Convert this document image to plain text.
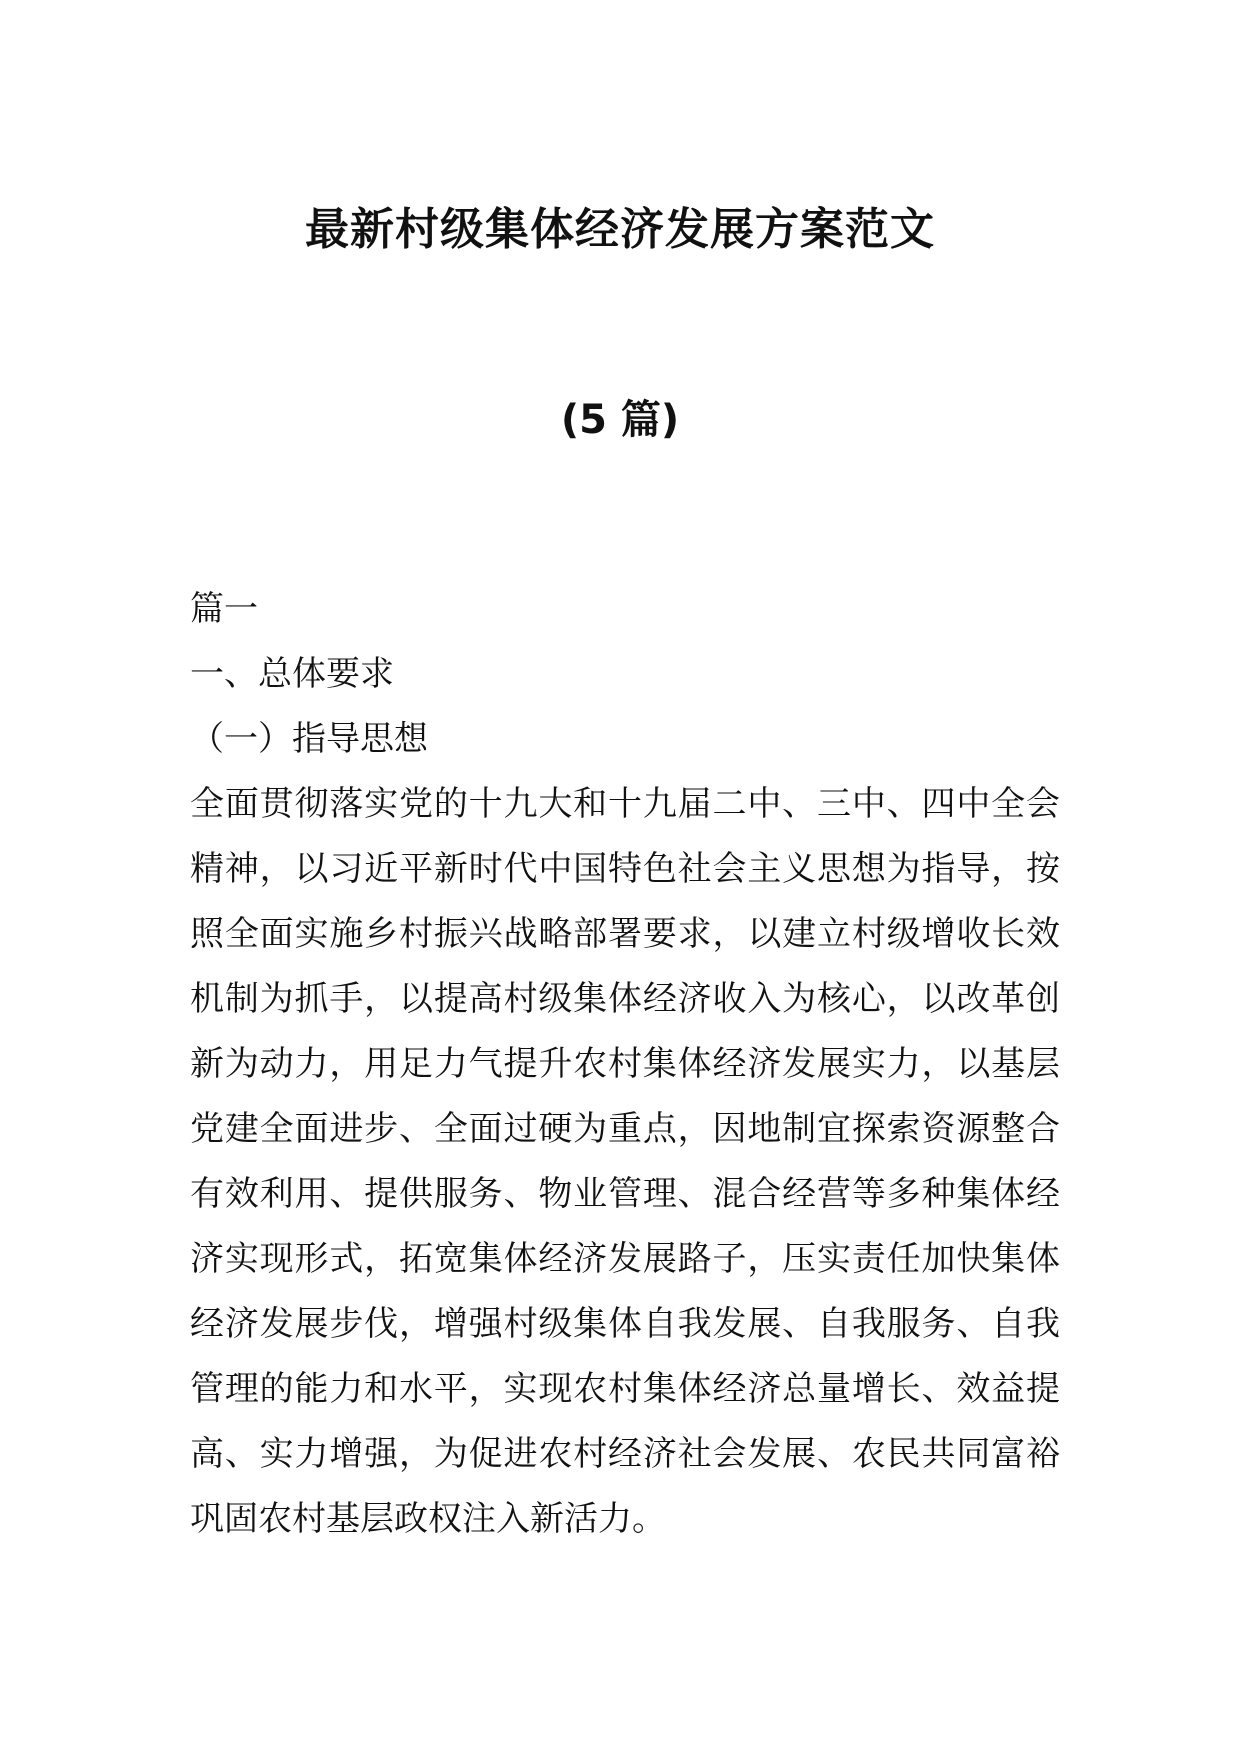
最新村级集体经济发展方案范文
(5 篇)
篇一
一、总体要求
（一）指导思想

全面贯彻落实党的十九大和十九届二中、三中、四中全会精神，以习近平新时代中国特色社会主义思想为指导，按照全面实施乡村振兴战略部署要求，以建立村级增收长效机制为抓手，以提高村级集体经济收入为核心，以改革创新为动力，用足力气提升农村集体经济发展实力，以基层党建全面进步、全面过硬为重点，因地制宜探索资源整合有效利用、提供服务、物业管理、混合经营等多种集体经济实现形式，拓宽集体经济发展路子，压实责任加快集体经济发展步伐，增强村级集体自我发展、自我服务、自我管理的能力和水平，实现农村集体经济总量增长、效益提高、实力增强，为促进农村经济社会发展、农民共同富裕巩固农村基层政权注入新活力。
